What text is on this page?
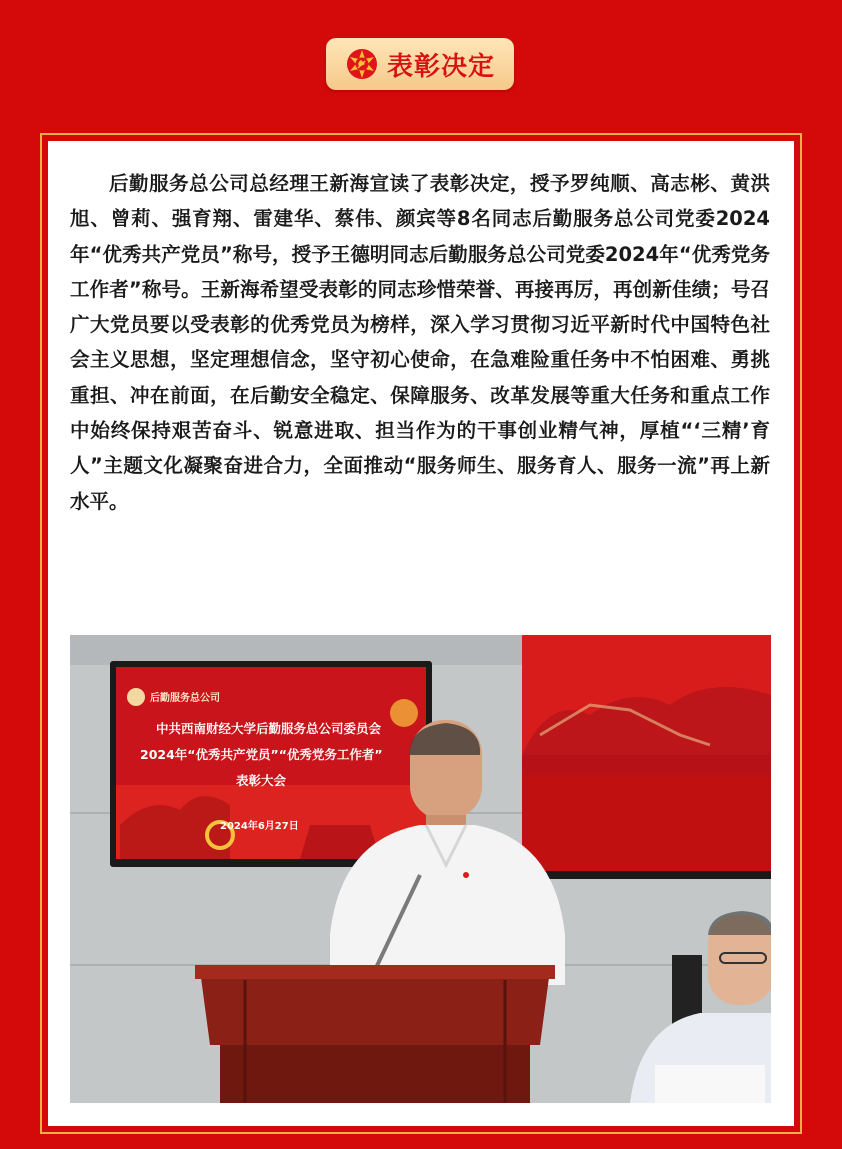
表彰决定

后勤服务总公司总经理王新海宣读了表彰决定，授予罗纯顺、高志彬、黄洪旭、曾莉、强育翔、雷建华、蔡伟、颜宾等8名同志后勤服务总公司党委2024年“优秀共产党员”称号，授予王德明同志后勤服务总公司党委2024年“优秀党务工作者”称号。王新海希望受表彰的同志珍惜荣誉、再接再厉，再创新佳绩；号召广大党员要以受表彰的优秀党员为榜样，深入学习贯彻习近平新时代中国特色社会主义思想，坚定理想信念，坚守初心使命，在急难险重任务中不怕困难、勇挑重担、冲在前面，在后勤安全稳定、保障服务、改革发展等重大任务和重点工作中始终保持艰苦奋斗、锐意进取、担当作为的干事创业精气神，厚植“‘三精’育人”主题文化凝聚奋进合力，全面推动“服务师生、服务育人、服务一流”再上新水平。

后勤服务总公司
中共西南财经大学后勤服务总公司委员会
2024年“优秀共产党员”“优秀党务工作者”
表彰大会
2024年6月27日
